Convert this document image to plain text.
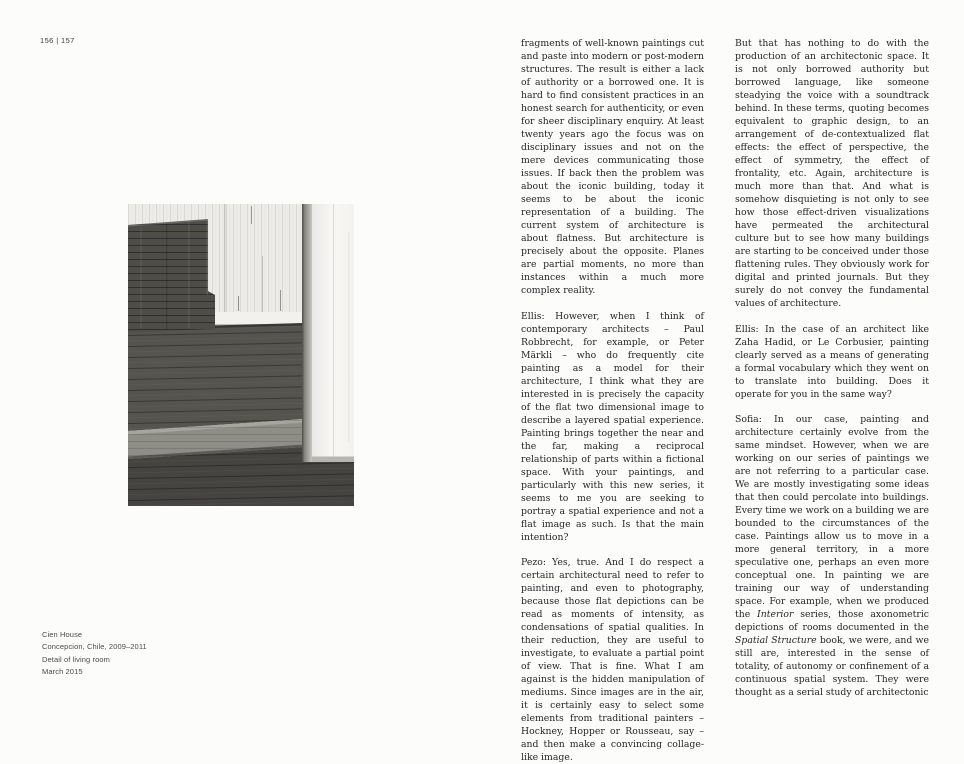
156 | 157
Cien House
Concepcion, Chile, 2009–2011
Detail of living room
March 2015

fragments of well-known paintings cut and paste into modern or post-modern structures. The result is either a lack of authority or a borrowed one. It is hard to find consistent practices in an honest search for authenticity, or even for sheer disciplinary enquiry. At least twenty years ago the focus was on disciplinary issues and not on the mere devices communicating those issues. If back then the problem was about the iconic building, today it seems to be about the iconic representation of a building. The current system of architecture is about flatness. But architecture is precisely about the opposite. Planes are partial moments, no more than instances within a much more complex reality.

Ellis: However, when I think of contemporary architects – Paul Robbrecht, for example, or Peter Märkli – who do frequently cite painting as a model for their architecture, I think what they are interested in is precisely the capacity of the flat two dimensional image to describe a layered spatial experience. Painting brings together the near and the far, making a reciprocal relationship of parts within a fictional space. With your paintings, and particularly with this new series, it seems to me you are seeking to portray a spatial experience and not a flat image as such. Is that the main intention?

Pezo: Yes, true. And I do respect a certain architectural need to refer to painting, and even to photography, because those flat depictions can be read as moments of intensity, as condensations of spatial qualities. In their reduction, they are useful to investigate, to evaluate a partial point of view. That is fine. What I am against is the hidden manipulation of mediums. Since images are in the air, it is certainly easy to select some elements from traditional painters – Hockney, Hopper or Rousseau, say – and then make a convincing collage-like image.

But that has nothing to do with the production of an architectonic space. It is not only borrowed authority but borrowed language, like someone steadying the voice with a soundtrack behind. In these terms, quoting becomes equivalent to graphic design, to an arrangement of de-contextualized flat effects: the effect of perspective, the effect of symmetry, the effect of frontality, etc. Again, architecture is much more than that. And what is somehow disquieting is not only to see how those effect-driven visualizations have permeated the architectural culture but to see how many buildings are starting to be conceived under those flattening rules. They obviously work for digital and printed journals. But they surely do not convey the fundamental values of architecture.

Ellis: In the case of an architect like Zaha Hadid, or Le Corbusier, painting clearly served as a means of generating a formal vocabulary which they went on to translate into building. Does it operate for you in the same way?

Sofia: In our case, painting and architecture certainly evolve from the same mindset. However, when we are working on our series of paintings we are not referring to a particular case. We are mostly investigating some ideas that then could percolate into buildings. Every time we work on a building we are bounded to the circumstances of the case. Paintings allow us to move in a more general territory, in a more speculative one, perhaps an even more conceptual one. In painting we are training our way of understanding space. For example, when we produced the Interior series, those axonometric depictions of rooms documented in the Spatial Structure book, we were, and we still are, interested in the sense of totality, of autonomy or confinement of a continuous spatial system. They were thought as a serial study of architectonic
